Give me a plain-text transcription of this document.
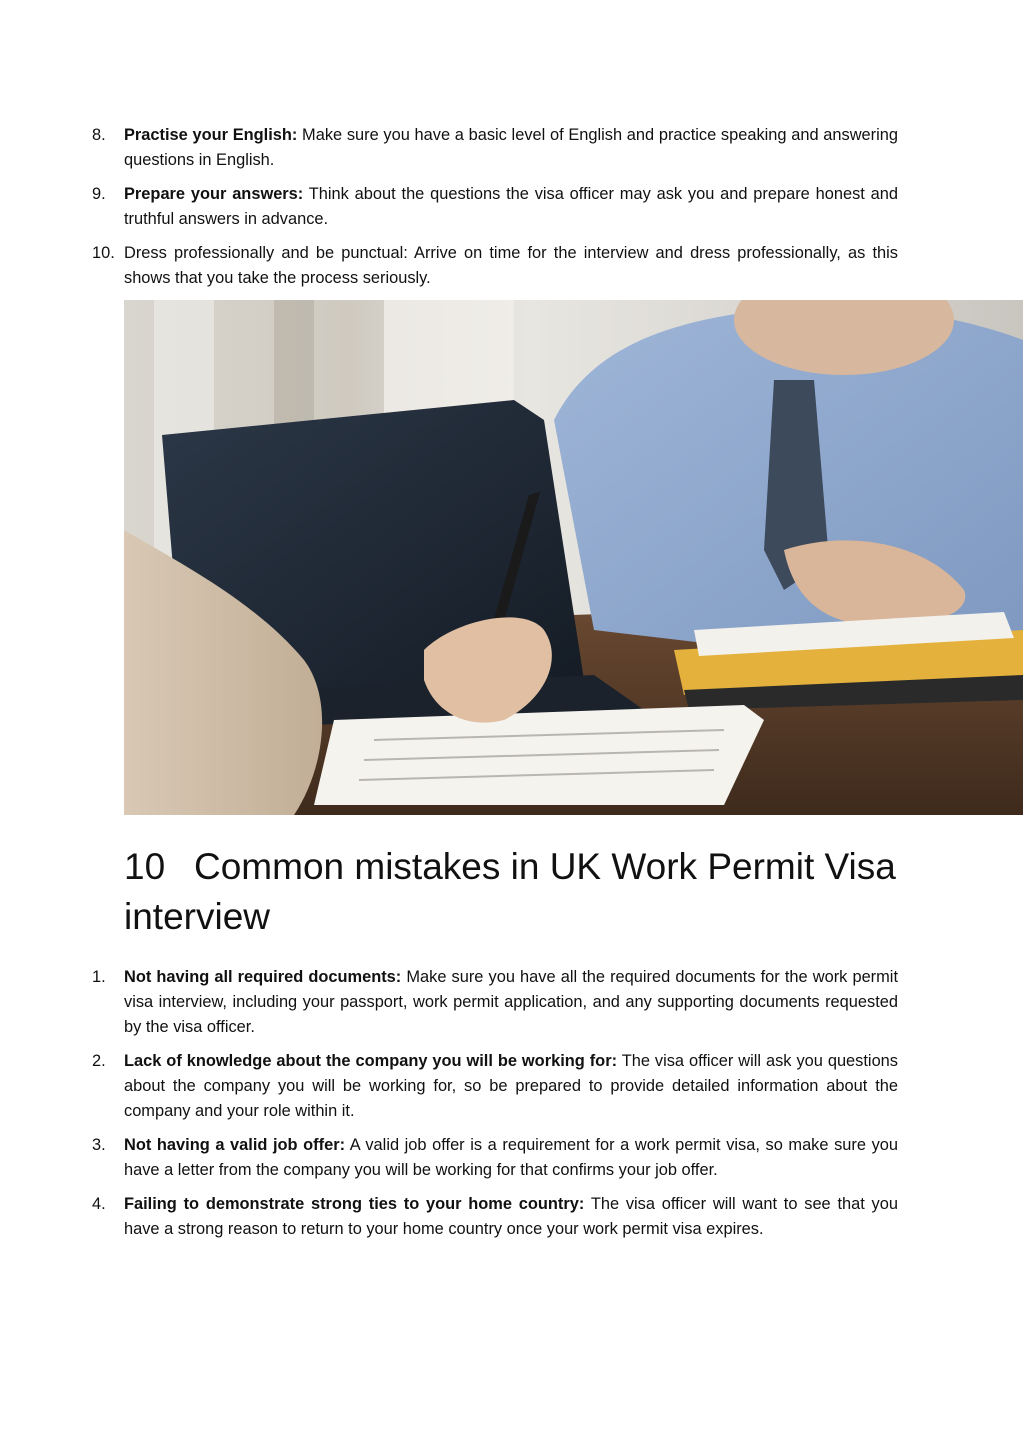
8. Practise your English: Make sure you have a basic level of English and practice speaking and answering questions in English.
9. Prepare your answers: Think about the questions the visa officer may ask you and prepare honest and truthful answers in advance.
10. Dress professionally and be punctual: Arrive on time for the interview and dress professionally, as this shows that you take the process seriously.
10 Common mistakes in UK Work Permit Visa interview
1. Not having all required documents: Make sure you have all the required documents for the work permit visa interview, including your passport, work permit application, and any supporting documents requested by the visa officer.
2. Lack of knowledge about the company you will be working for: The visa officer will ask you questions about the company you will be working for, so be prepared to provide detailed information about the company and your role within it.
3. Not having a valid job offer: A valid job offer is a requirement for a work permit visa, so make sure you have a letter from the company you will be working for that confirms your job offer.
4. Failing to demonstrate strong ties to your home country: The visa officer will want to see that you have a strong reason to return to your home country once your work permit visa expires.
